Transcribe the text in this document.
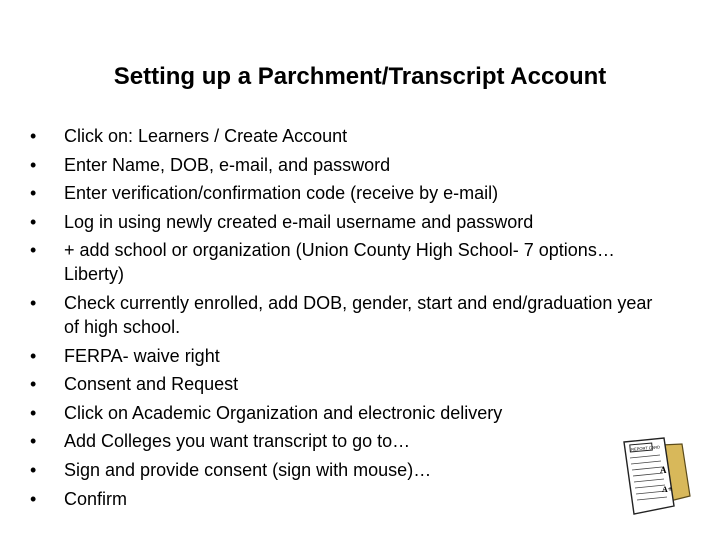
Setting up a Parchment/Transcript Account
•	Click on: Learners / Create Account
•	Enter Name, DOB, e-mail, and password
•	Enter verification/confirmation code (receive by e-mail)
•	Log in using newly created e-mail username and password
•	+ add school or organization (Union County High School- 7 options… Liberty)
•	Check currently enrolled, add DOB, gender, start and end/graduation year of high school.
•	FERPA- waive right
•	Consent and Request
•	Click on Academic Organization and electronic delivery
•	Add Colleges you want transcript to go to…
•	Sign and provide consent (sign with mouse)…
•	Confirm
REPORT CARD
A
A+
